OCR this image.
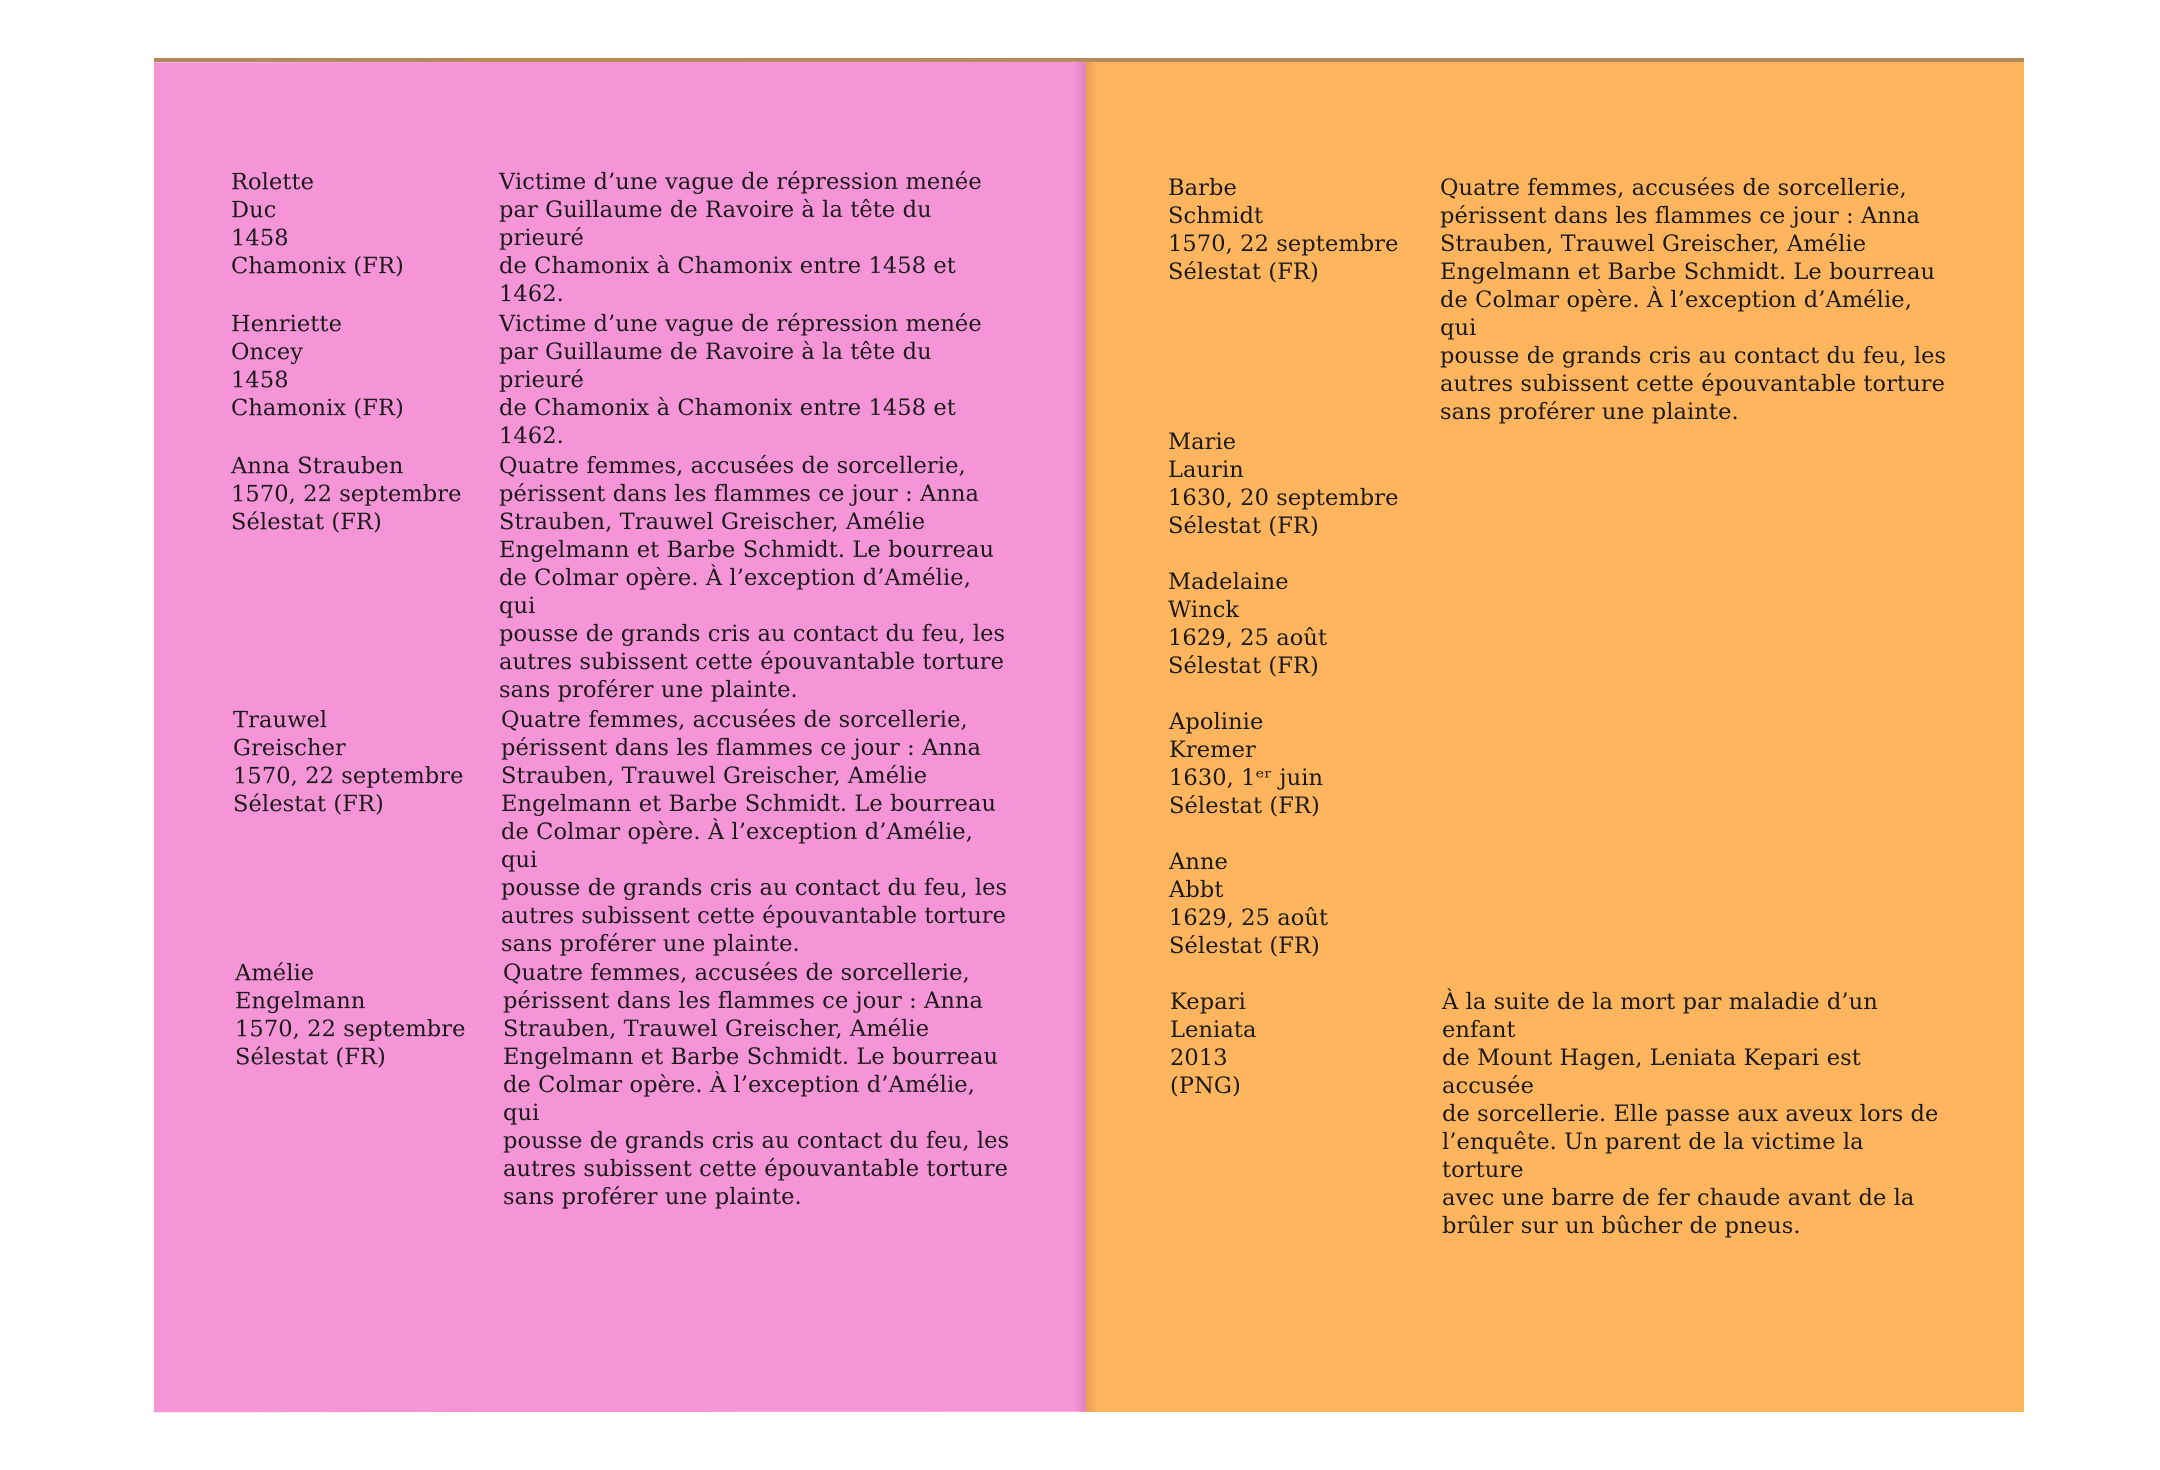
Rolette
Duc
1458
Chamonix (FR)
Victime d’une vague de répression menée
par Guillaume de Ravoire à la tête du prieuré
de Chamonix à Chamonix entre 1458 et 1462.
Henriette
Oncey
1458
Chamonix (FR)
Victime d’une vague de répression menée
par Guillaume de Ravoire à la tête du prieuré
de Chamonix à Chamonix entre 1458 et 1462.
Anna Strauben
1570, 22 septembre
Sélestat (FR)
Quatre femmes, accusées de sorcellerie,
périssent dans les flammes ce jour : Anna
Strauben, Trauwel Greischer, Amélie
Engelmann et Barbe Schmidt. Le bourreau
de Colmar opère. À l’exception d’Amélie, qui
pousse de grands cris au contact du feu, les
autres subissent cette épouvantable torture
sans proférer une plainte.
Trauwel
Greischer
1570, 22 septembre
Sélestat (FR)
Quatre femmes, accusées de sorcellerie,
périssent dans les flammes ce jour : Anna
Strauben, Trauwel Greischer, Amélie
Engelmann et Barbe Schmidt. Le bourreau
de Colmar opère. À l’exception d’Amélie, qui
pousse de grands cris au contact du feu, les
autres subissent cette épouvantable torture
sans proférer une plainte.
Amélie
Engelmann
1570, 22 septembre
Sélestat (FR)
Quatre femmes, accusées de sorcellerie,
périssent dans les flammes ce jour : Anna
Strauben, Trauwel Greischer, Amélie
Engelmann et Barbe Schmidt. Le bourreau
de Colmar opère. À l’exception d’Amélie, qui
pousse de grands cris au contact du feu, les
autres subissent cette épouvantable torture
sans proférer une plainte.
Barbe
Schmidt
1570, 22 septembre
Sélestat (FR)
Quatre femmes, accusées de sorcellerie,
périssent dans les flammes ce jour : Anna
Strauben, Trauwel Greischer, Amélie
Engelmann et Barbe Schmidt. Le bourreau
de Colmar opère. À l’exception d’Amélie, qui
pousse de grands cris au contact du feu, les
autres subissent cette épouvantable torture
sans proférer une plainte.
Marie
Laurin
1630, 20 septembre
Sélestat (FR)
Madelaine
Winck
1629, 25 août
Sélestat (FR)
Apolinie
Kremer
1630, 1ᵉʳ juin
Sélestat (FR)
Anne
Abbt
1629, 25 août
Sélestat (FR)
Kepari
Leniata
2013
(PNG)
À la suite de la mort par maladie d’un enfant
de Mount Hagen, Leniata Kepari est accusée
de sorcellerie. Elle passe aux aveux lors de
l’enquête. Un parent de la victime la torture
avec une barre de fer chaude avant de la
brûler sur un bûcher de pneus.
